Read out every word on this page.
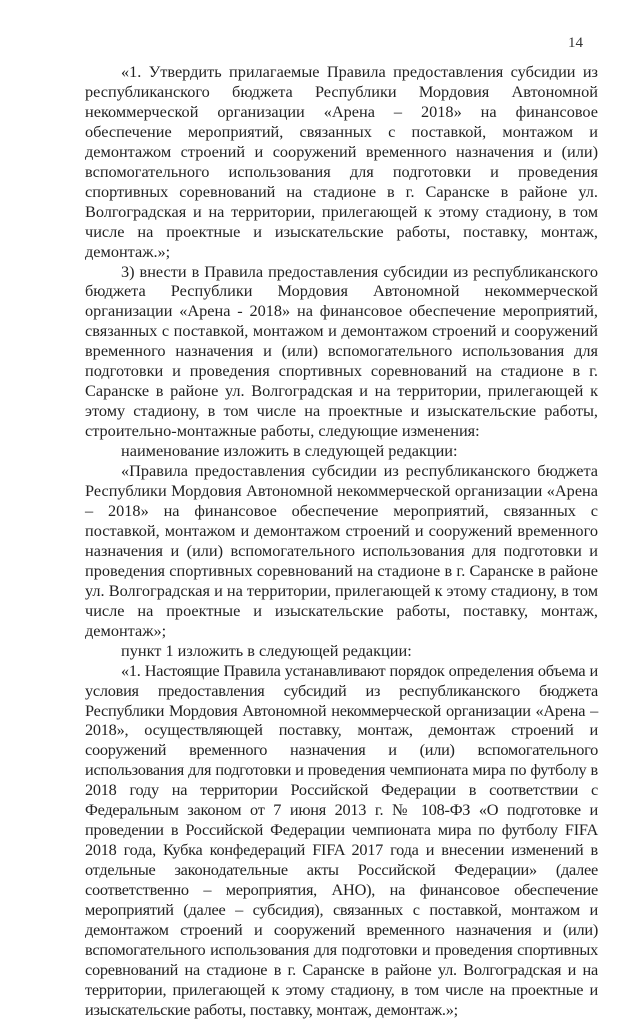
14

«1. Утвердить прилагаемые Правила предоставления субсидии из республиканского бюджета Республики Мордовия Автономной некоммерческой организации «Арена – 2018» на финансовое обеспечение мероприятий, связанных с поставкой, монтажом и демонтажом строений и сооружений временного назначения и (или) вспомогательного использования для подготовки и проведения спортивных соревнований на стадионе в г. Саранске в районе ул. Волгоградская и на территории, прилегающей к этому стадиону, в том числе на проектные и изыскательские работы, поставку, монтаж, демонтаж.»;

3) внести в Правила предоставления субсидии из республиканского бюджета Республики Мордовия Автономной некоммерческой организации «Арена - 2018» на финансовое обеспечение мероприятий, связанных с поставкой, монтажом и демонтажом строений и сооружений временного назначения и (или) вспомогательного использования для подготовки и проведения спортивных соревнований на стадионе в г. Саранске в районе ул. Волгоградская и на территории, прилегающей к этому стадиону, в том числе на проектные и изыскательские работы, строительно-монтажные работы, следующие изменения:

наименование изложить в следующей редакции:

«Правила предоставления субсидии из республиканского бюджета Республики Мордовия Автономной некоммерческой организации «Арена – 2018» на финансовое обеспечение мероприятий, связанных с поставкой, монтажом и демонтажом строений и сооружений временного назначения и (или) вспомогательного использования для подготовки и проведения спортивных соревнований на стадионе в г. Саранске в районе ул. Волгоградская и на территории, прилегающей к этому стадиону, в том числе на проектные и изыскательские работы, поставку, монтаж, демонтаж»;

пункт 1 изложить в следующей редакции:

«1. Настоящие Правила устанавливают порядок определения объема и условия предоставления субсидий из республиканского бюджета Республики Мордовия Автономной некоммерческой организации «Арена – 2018», осуществляющей поставку, монтаж, демонтаж строений и сооружений временного назначения и (или) вспомогательного использования для подготовки и проведения чемпионата мира по футболу в 2018 году на территории Российской Федерации в соответствии с Федеральным законом от 7 июня 2013 г. № 108-ФЗ «О подготовке и проведении в Российской Федерации чемпионата мира по футболу FIFA 2018 года, Кубка конфедераций FIFA 2017 года и внесении изменений в отдельные законодательные акты Российской Федерации» (далее соответственно – мероприятия, АНО), на финансовое обеспечение мероприятий (далее – субсидия), связанных с поставкой, монтажом и демонтажом строений и сооружений временного назначения и (или) вспомогательного использования для подготовки и проведения спортивных соревнований на стадионе в г. Саранске в районе ул. Волгоградская и на территории, прилегающей к этому стадиону, в том числе на проектные и изыскательские работы, поставку, монтаж, демонтаж.»;
